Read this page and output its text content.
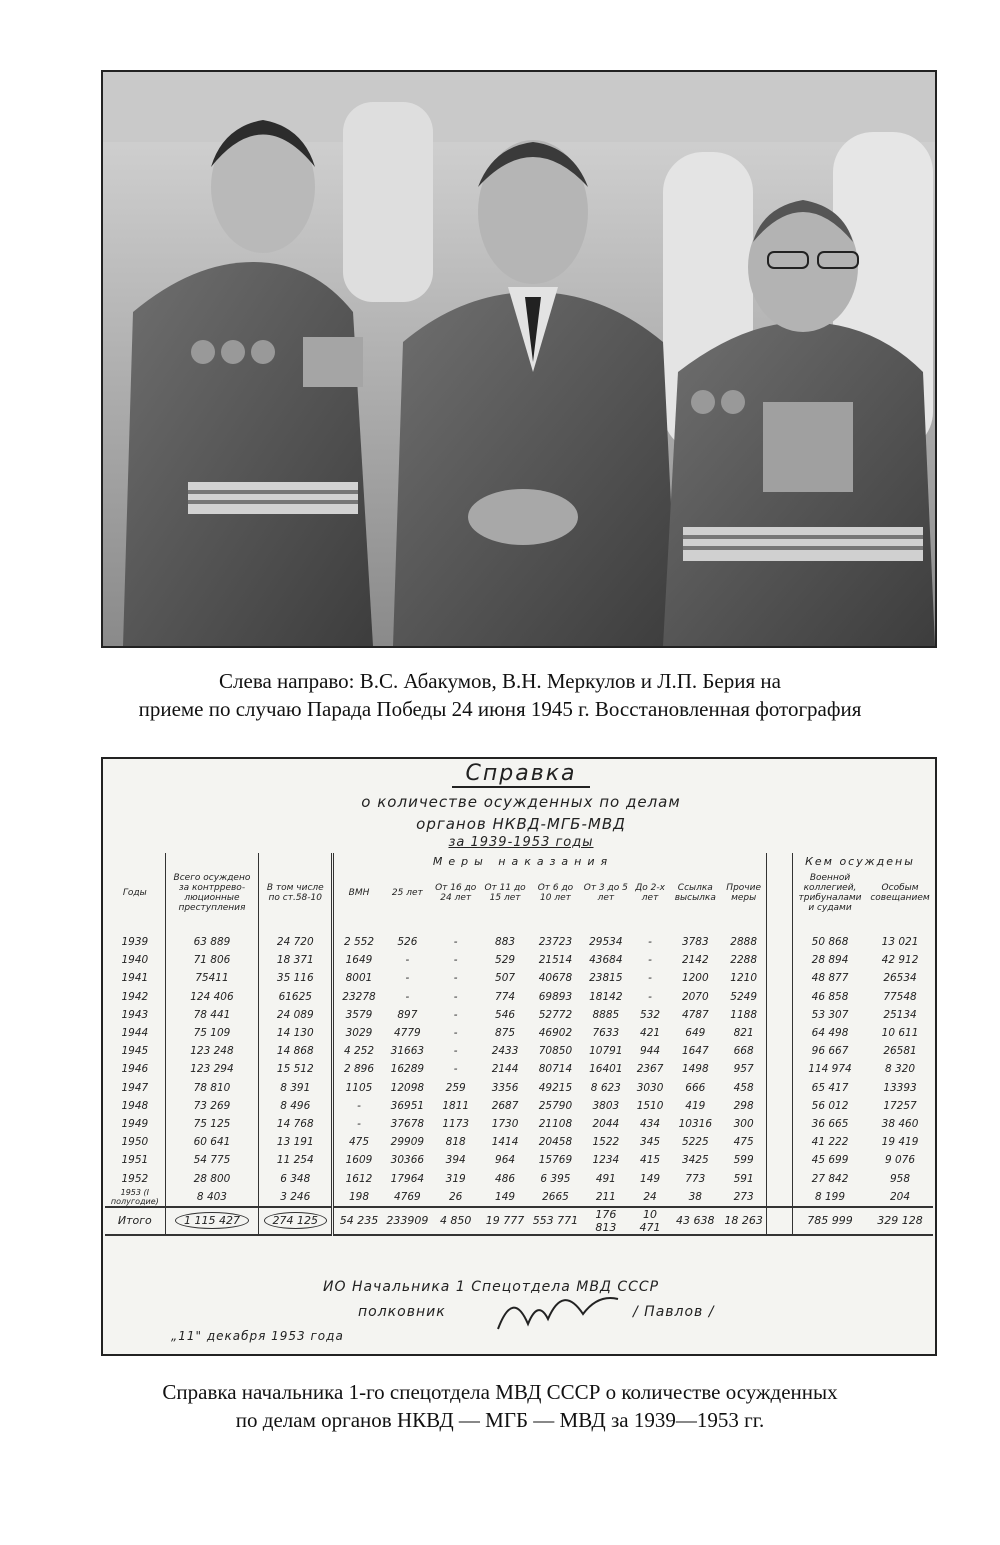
Слева направо: В.С. Абакумов, В.Н. Меркулов и Л.П. Берия на
приеме по случаю Парада Победы 24 июня 1945 г. Восстановленная фотография
Справка
о количестве осужденных по делам
органов НКВД-МГБ-МВД
за 1939-1953 годы
Годы	Всего осуждено за контррево-люционные преступления	В том числе по ст.58-10	ВМН	25 лет	От 16 до 24 лет	От 11 до 15 лет	От 6 до 10 лет	От 3 до 5 лет	До 2-х лет	Ссылка высылка	Прочие меры		Военной коллегией, трибуналами и судами	Особым совещанием
1939	63 889	24 720	2 552	526	-	883	23723	29534	-	3783	2888		50 868	13 021
1940	71 806	18 371	1649	-	-	529	21514	43684	-	2142	2288		28 894	42 912
1941	75411	35 116	8001	-	-	507	40678	23815	-	1200	1210		48 877	26534
1942	124 406	61625	23278	-	-	774	69893	18142	-	2070	5249		46 858	77548
1943	78 441	24 089	3579	897	-	546	52772	8885	532	4787	1188		53 307	25134
1944	75 109	14 130	3029	4779	-	875	46902	7633	421	649	821		64 498	10 611
1945	123 248	14 868	4 252	31663	-	2433	70850	10791	944	1647	668		96 667	26581
1946	123 294	15 512	2 896	16289	-	2144	80714	16401	2367	1498	957		114 974	8 320
1947	78 810	8 391	1105	12098	259	3356	49215	8 623	3030	666	458		65 417	13393
1948	73 269	8 496	-	36951	1811	2687	25790	3803	1510	419	298		56 012	17257
1949	75 125	14 768	-	37678	1173	1730	21108	2044	434	10316	300		36 665	38 460
1950	60 641	13 191	475	29909	818	1414	20458	1522	345	5225	475		41 222	19 419
1951	54 775	11 254	1609	30366	394	964	15769	1234	415	3425	599		45 699	9 076
1952	28 800	6 348	1612	17964	319	486	6 395	491	149	773	591		27 842	958
1953 (I полугодие)	8 403	3 246	198	4769	26	149	2665	211	24	38	273		8 199	204
Итого	1 115 427	274 125	54 235	233909	4 850	19 777	553 771	176 813	10 471	43 638	18 263		785 999	329 128
Меры наказания	Кем осуждены
ИО Начальника 1 Спецотдела МВД СССР
полковник	/ Павлов /
„11" декабря 1953 года
Справка начальника 1-го спецотдела МВД СССР о количестве осужденных
по делам органов НКВД — МГБ — МВД за 1939—1953 гг.
